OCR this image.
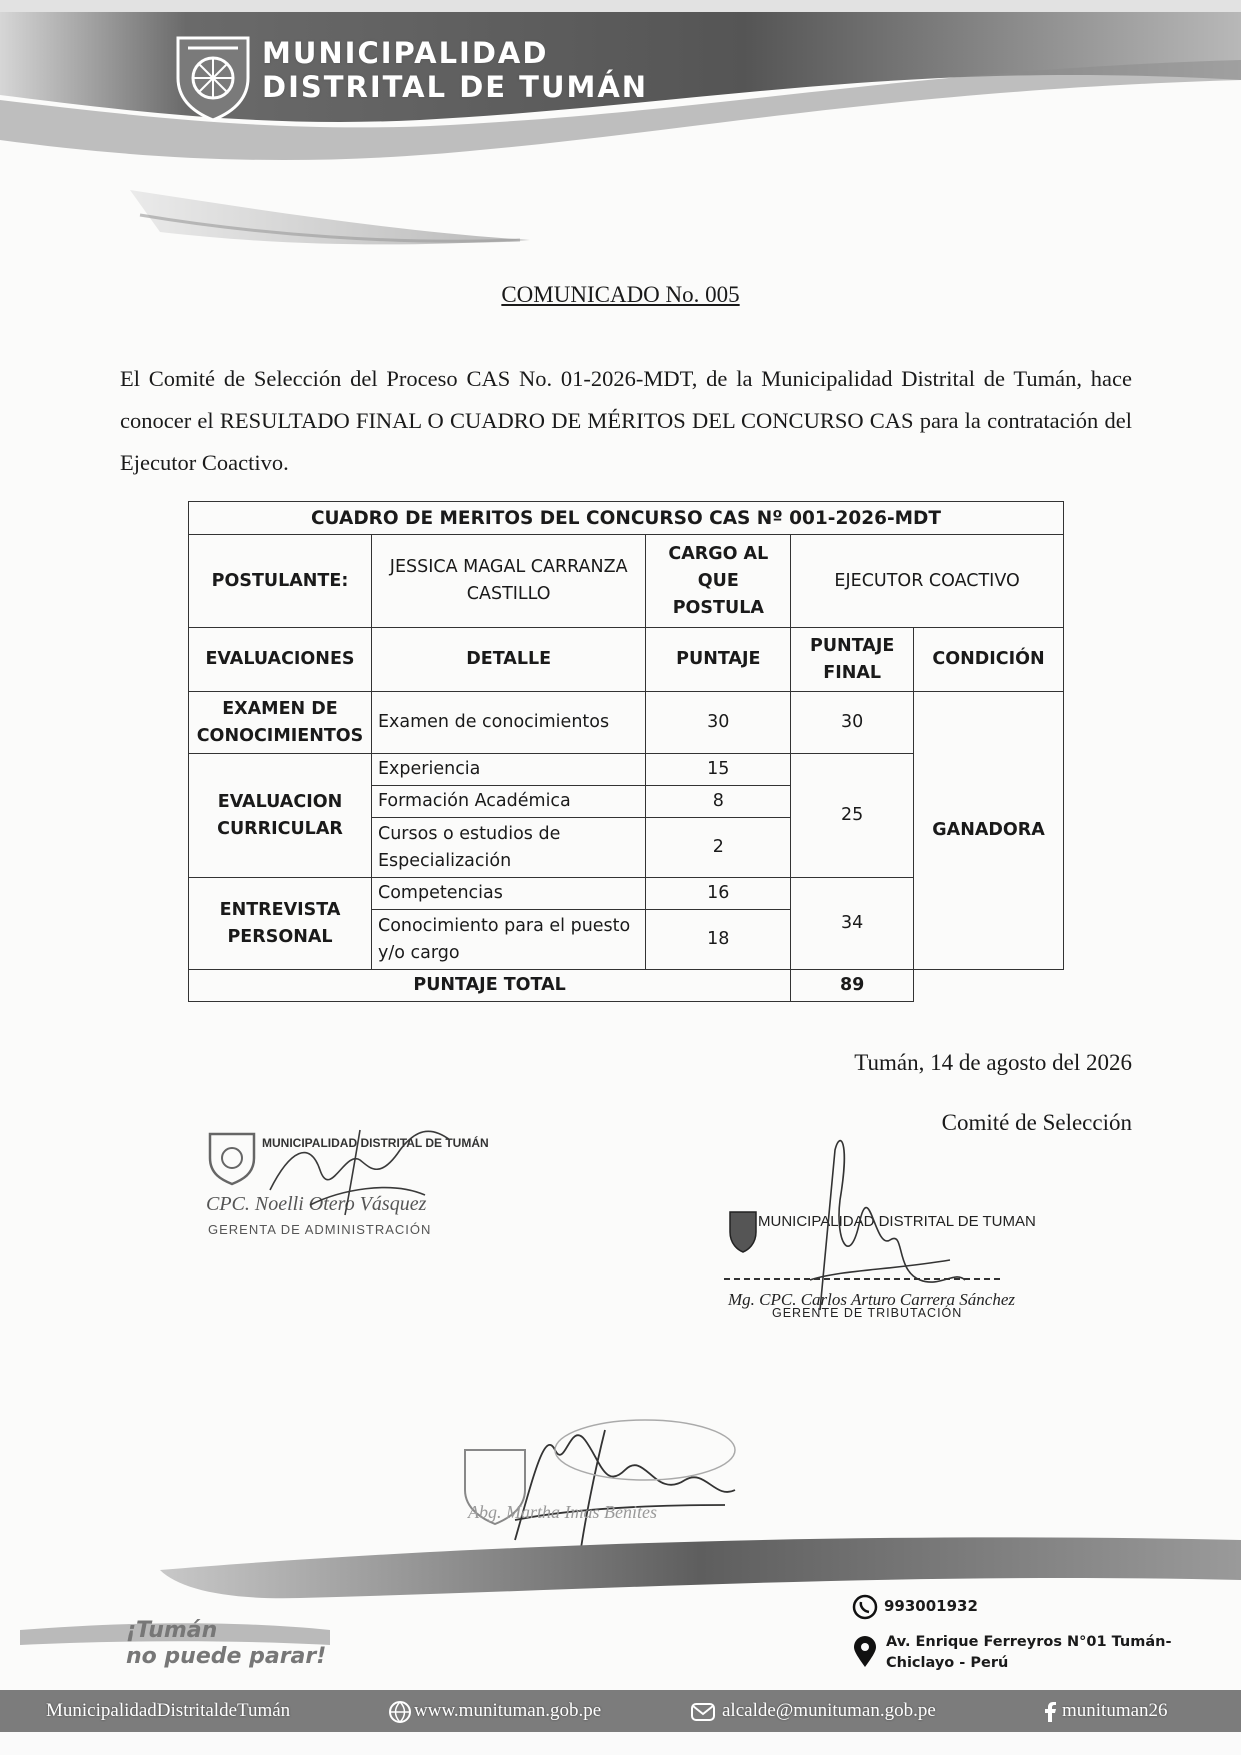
MUNICIPALIDAD
DISTRITAL DE TUMÁN
COMUNICADO No. 005
El Comité de Selección del Proceso CAS No. 01-2026-MDT, de la Municipalidad Distrital de Tumán, hace conocer el RESULTADO FINAL O CUADRO DE MÉRITOS DEL CONCURSO CAS para la contratación del Ejecutor Coactivo.
CUADRO DE MERITOS DEL CONCURSO CAS Nº 001-2026-MDT				
POSTULANTE:	JESSICA MAGAL CARRANZA CASTILLO	CARGO AL QUE POSTULA	EJECUTOR COACTIVO	
EVALUACIONES	DETALLE	PUNTAJE	PUNTAJE FINAL	CONDICIÓN
EXAMEN DE CONOCIMIENTOS	Examen de conocimientos	30	30	GANADORA
EVALUACION CURRICULAR	Experiencia	15	25	
	Formación Académica	8		
	Cursos o estudios de Especialización	2		
ENTREVISTA PERSONAL	Competencias	16	34	
	Conocimiento para el puesto y/o cargo	18		
PUNTAJE TOTAL			89	
Tumán, 14 de agosto del 2026
Comité de Selección
MUNICIPALIDAD DISTRITAL DE TUMÁN
CPC. Noelli Otero Vásquez
GERENTA DE ADMINISTRACIÓN	MUNICIPALIDAD DISTRITAL DE TUMAN
Mg. CPC. Carlos Arturo Carrera Sánchez
GERENTE DE TRIBUTACIÓN
Abg. Martha Imas Benites
¡Tumán
no puede parar!
993001932
Av. Enrique Ferreyros N°01 Tumán-Chiclayo - Perú
MunicipalidadDistritaldeTumán	www.munituman.gob.pe	alcalde@munituman.gob.pe	munituman26
